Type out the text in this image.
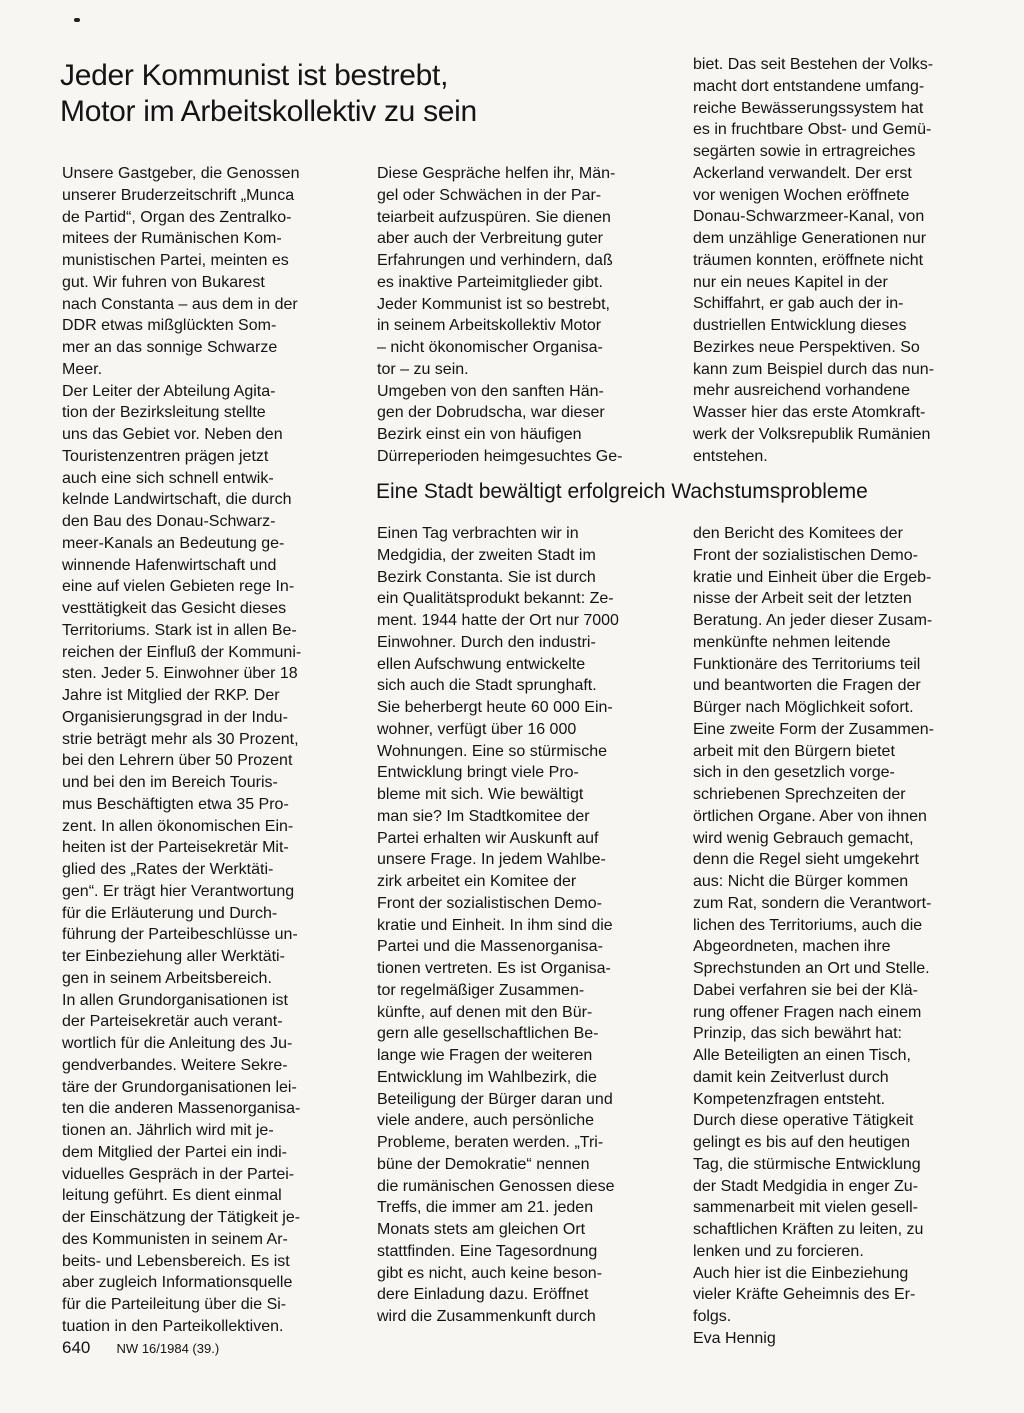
Jeder Kommunist ist bestrebt,
Motor im Arbeitskollektiv zu sein

Unsere Gastgeber, die Genossen
unserer Bruderzeitschrift „Munca
de Partid“, Organ des Zentralko-
mitees der Rumänischen Kom-
munistischen Partei, meinten es
gut. Wir fuhren von Bukarest
nach Constanta – aus dem in der
DDR etwas mißglückten Som-
mer an das sonnige Schwarze
Meer.

Der Leiter der Abteilung Agita-
tion der Bezirksleitung stellte
uns das Gebiet vor. Neben den
Touristenzentren prägen jetzt
auch eine sich schnell entwik-
kelnde Landwirtschaft, die durch
den Bau des Donau-Schwarz-
meer-Kanals an Bedeutung ge-
winnende Hafenwirtschaft und
eine auf vielen Gebieten rege In-
vesttätigkeit das Gesicht dieses
Territoriums. Stark ist in allen Be-
reichen der Einfluß der Kommuni-
sten. Jeder 5. Einwohner über 18
Jahre ist Mitglied der RKP. Der
Organisierungsgrad in der Indu-
strie beträgt mehr als 30 Prozent,
bei den Lehrern über 50 Prozent
und bei den im Bereich Touris-
mus Beschäftigten etwa 35 Pro-
zent. In allen ökonomischen Ein-
heiten ist der Parteisekretär Mit-
glied des „Rates der Werktäti-
gen“. Er trägt hier Verantwortung
für die Erläuterung und Durch-
führung der Parteibeschlüsse un-
ter Einbeziehung aller Werktäti-
gen in seinem Arbeitsbereich.

In allen Grundorganisationen ist
der Parteisekretär auch verant-
wortlich für die Anleitung des Ju-
gendverbandes. Weitere Sekre-
täre der Grundorganisationen lei-
ten die anderen Massenorganisa-
tionen an. Jährlich wird mit je-
dem Mitglied der Partei ein indi-
viduelles Gespräch in der Partei-
leitung geführt. Es dient einmal
der Einschätzung der Tätigkeit je-
des Kommunisten in seinem Ar-
beits- und Lebensbereich. Es ist
aber zugleich Informationsquelle
für die Parteileitung über die Si-
tuation in den Parteikollektiven.

Diese Gespräche helfen ihr, Män-
gel oder Schwächen in der Par-
teiarbeit aufzuspüren. Sie dienen
aber auch der Verbreitung guter
Erfahrungen und verhindern, daß
es inaktive Parteimitglieder gibt.
Jeder Kommunist ist so bestrebt,
in seinem Arbeitskollektiv Motor
– nicht ökonomischer Organisa-
tor – zu sein.

Umgeben von den sanften Hän-
gen der Dobrudscha, war dieser
Bezirk einst ein von häufigen
Dürreperioden heimgesuchtes Ge-

biet. Das seit Bestehen der Volks-
macht dort entstandene umfang-
reiche Bewässerungssystem hat
es in fruchtbare Obst- und Gemü-
segärten sowie in ertragreiches
Ackerland verwandelt. Der erst
vor wenigen Wochen eröffnete
Donau-Schwarzmeer-Kanal, von
dem unzählige Generationen nur
träumen konnten, eröffnete nicht
nur ein neues Kapitel in der
Schiffahrt, er gab auch der in-
dustriellen Entwicklung dieses
Bezirkes neue Perspektiven. So
kann zum Beispiel durch das nun-
mehr ausreichend vorhandene
Wasser hier das erste Atomkraft-
werk der Volksrepublik Rumänien
entstehen.

Eine Stadt bewältigt erfolgreich Wachstumsprobleme

Einen Tag verbrachten wir in
Medgidia, der zweiten Stadt im
Bezirk Constanta. Sie ist durch
ein Qualitätsprodukt bekannt: Ze-
ment. 1944 hatte der Ort nur 7000
Einwohner. Durch den industri-
ellen Aufschwung entwickelte
sich auch die Stadt sprunghaft.
Sie beherbergt heute 60 000 Ein-
wohner, verfügt über 16 000
Wohnungen. Eine so stürmische
Entwicklung bringt viele Pro-
bleme mit sich. Wie bewältigt
man sie? Im Stadtkomitee der
Partei erhalten wir Auskunft auf
unsere Frage. In jedem Wahlbe-
zirk arbeitet ein Komitee der
Front der sozialistischen Demo-
kratie und Einheit. In ihm sind die
Partei und die Massenorganisa-
tionen vertreten. Es ist Organisa-
tor regelmäßiger Zusammen-
künfte, auf denen mit den Bür-
gern alle gesellschaftlichen Be-
lange wie Fragen der weiteren
Entwicklung im Wahlbezirk, die
Beteiligung der Bürger daran und
viele andere, auch persönliche
Probleme, beraten werden. „Tri-
büne der Demokratie“ nennen
die rumänischen Genossen diese
Treffs, die immer am 21. jeden
Monats stets am gleichen Ort
stattfinden. Eine Tagesordnung
gibt es nicht, auch keine beson-
dere Einladung dazu. Eröffnet
wird die Zusammenkunft durch

den Bericht des Komitees der
Front der sozialistischen Demo-
kratie und Einheit über die Ergeb-
nisse der Arbeit seit der letzten
Beratung. An jeder dieser Zusam-
menkünfte nehmen leitende
Funktionäre des Territoriums teil
und beantworten die Fragen der
Bürger nach Möglichkeit sofort.

Eine zweite Form der Zusammen-
arbeit mit den Bürgern bietet
sich in den gesetzlich vorge-
schriebenen Sprechzeiten der
örtlichen Organe. Aber von ihnen
wird wenig Gebrauch gemacht,
denn die Regel sieht umgekehrt
aus: Nicht die Bürger kommen
zum Rat, sondern die Verantwort-
lichen des Territoriums, auch die
Abgeordneten, machen ihre
Sprechstunden an Ort und Stelle.
Dabei verfahren sie bei der Klä-
rung offener Fragen nach einem
Prinzip, das sich bewährt hat:
Alle Beteiligten an einen Tisch,
damit kein Zeitverlust durch
Kompetenzfragen entsteht.
Durch diese operative Tätigkeit
gelingt es bis auf den heutigen
Tag, die stürmische Entwicklung
der Stadt Medgidia in enger Zu-
sammenarbeit mit vielen gesell-
schaftlichen Kräften zu leiten, zu
lenken und zu forcieren.

Auch hier ist die Einbeziehung
vieler Kräfte Geheimnis des Er-
folgs.

Eva Hennig
640 NW 16/1984 (39.)
